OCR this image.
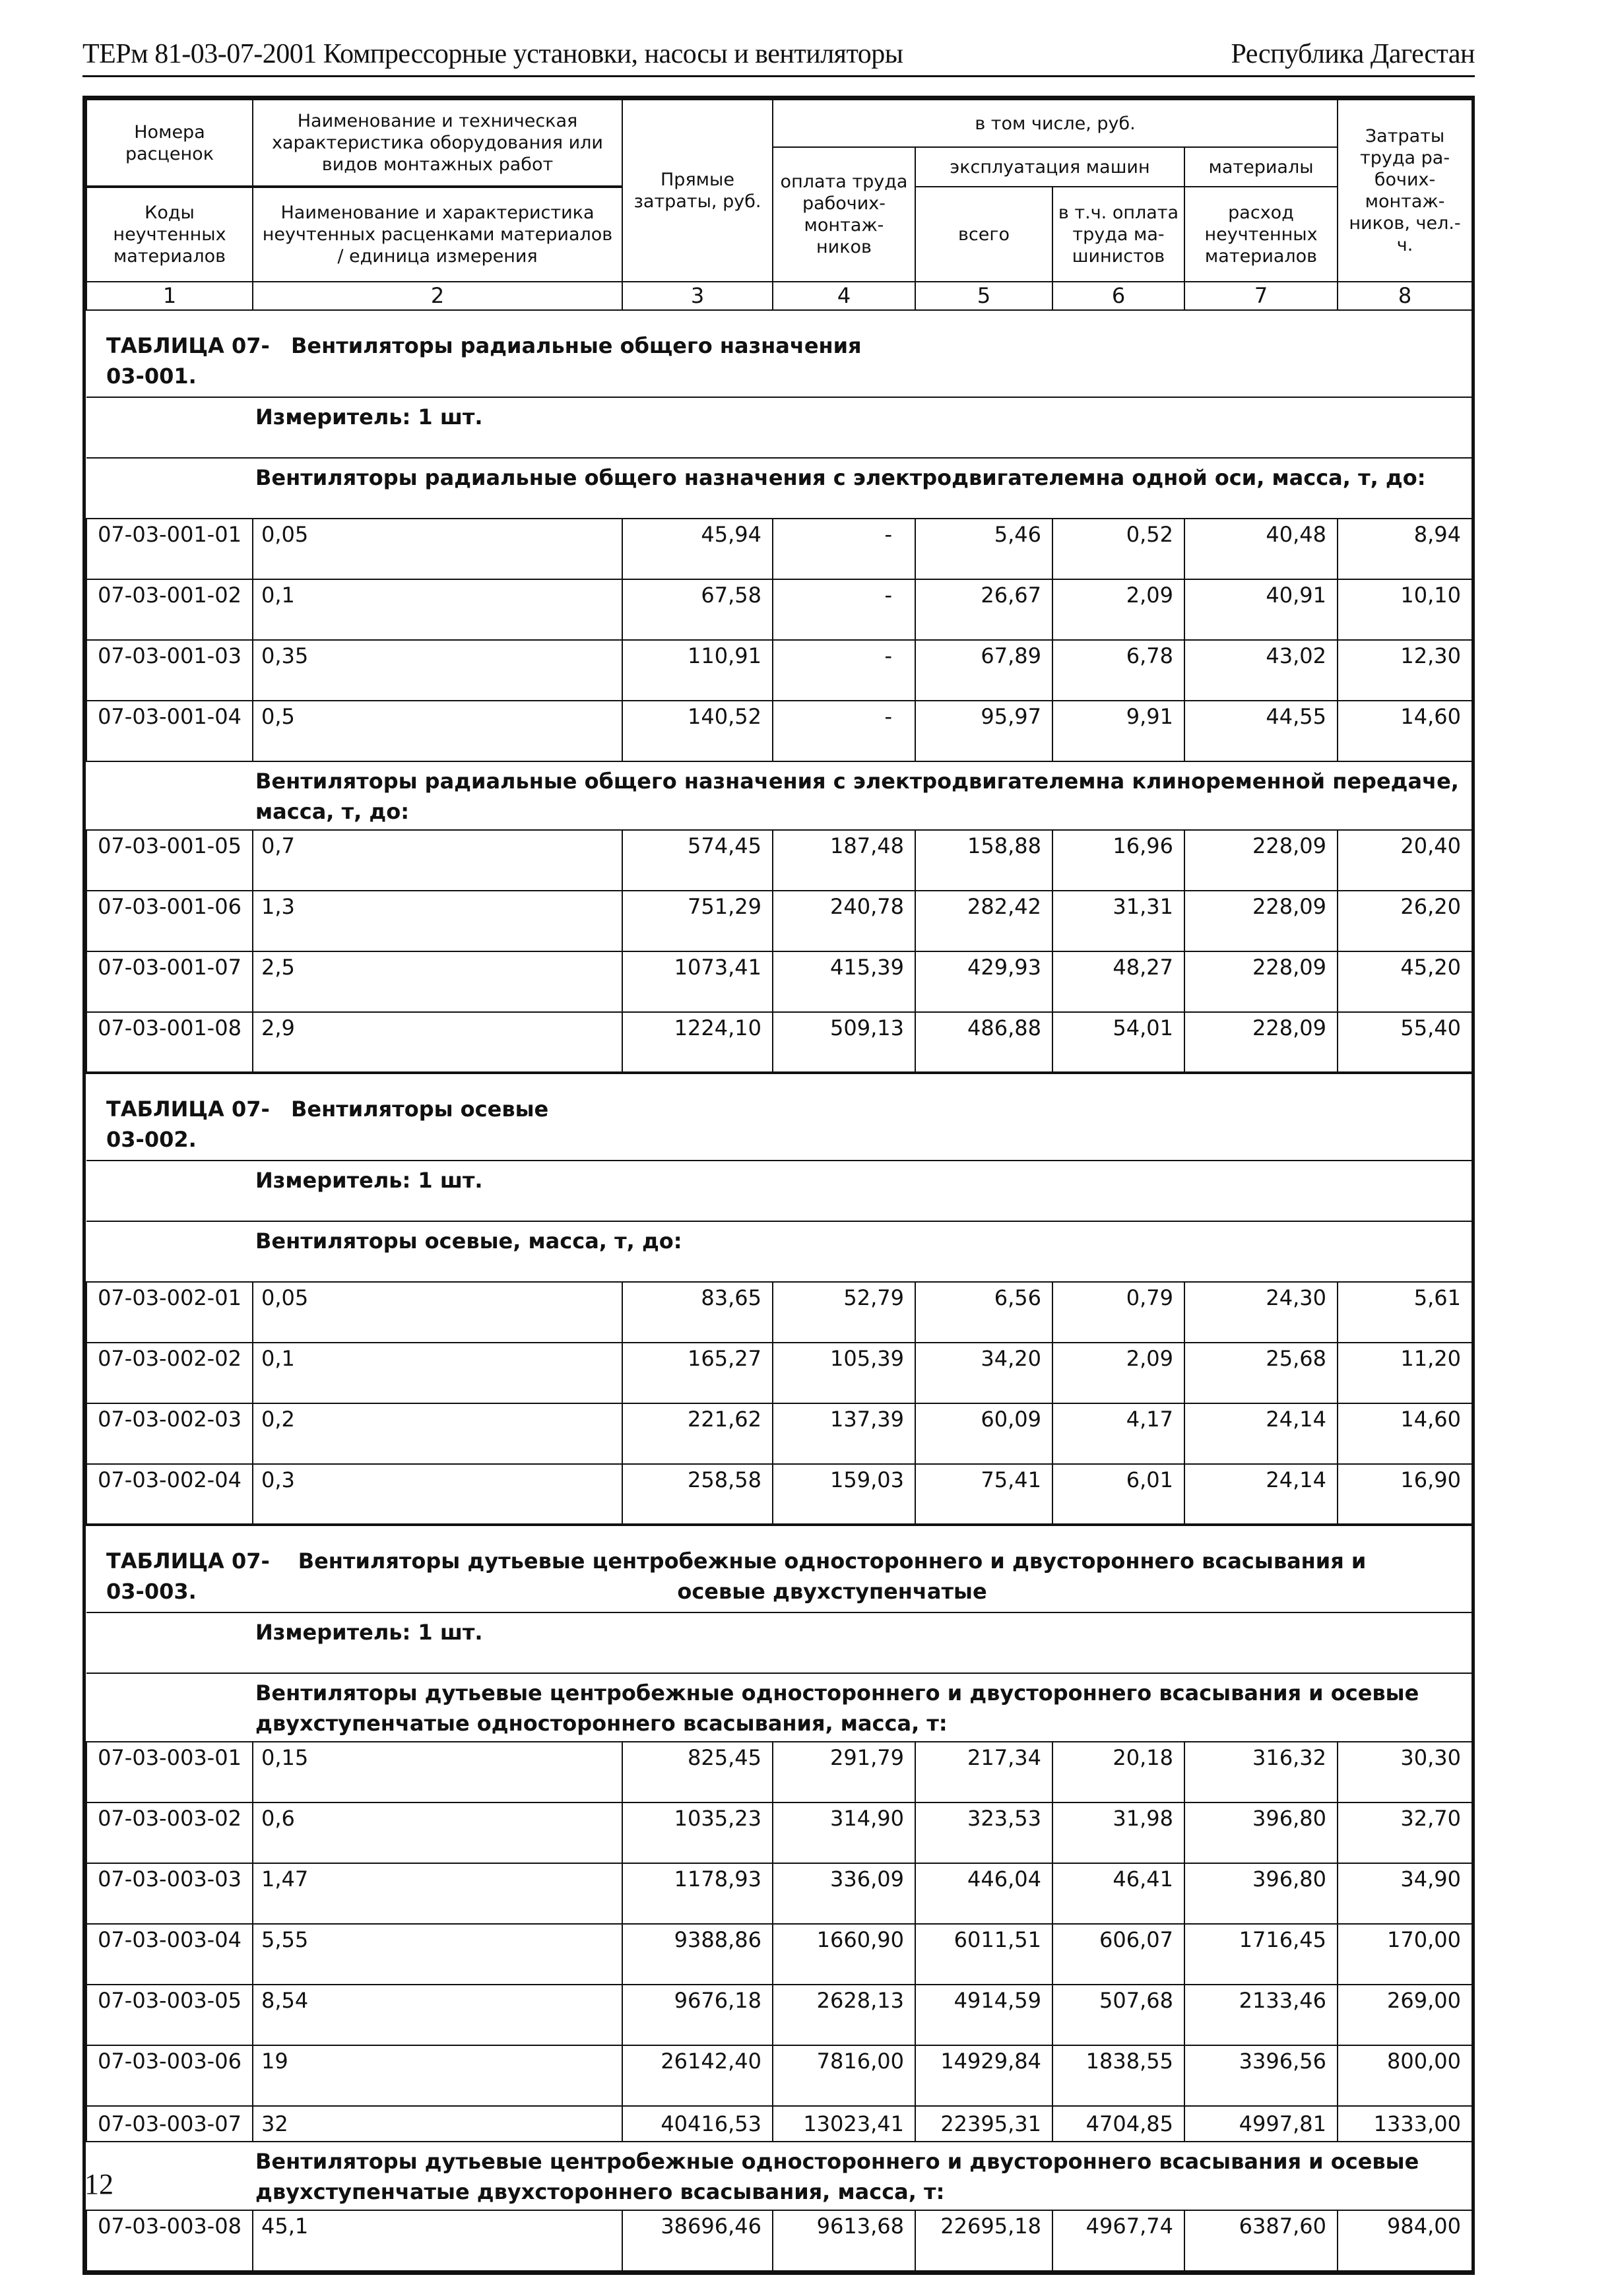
ТЕРм 81-03-07-2001 Компрессорные установки, насосы и вентиляторы	Республика Дагестан
Номера расценок	Наименование и техническая характеристика оборудования или видов монтажных работ	Прямые затраты, руб.	в том числе, руб.				Затраты труда ра-бочих-монтаж-ников, чел.-ч.
			оплата труда рабочих-монтаж-ников	эксплуатация машин		материалы	
Коды неучтенных материалов	Наименование и характеристика неучтенных расценками материалов / единица измерения			всего	в т.ч. оплата труда ма-шинистов	расход неучтенных материалов	

1	2	3	4	5	6	7	8
ТАБЛИЦА 07-03-001.Вентиляторы радиальные общего назначения							
Измеритель: 1 шт.							
Вентиляторы радиальные общего назначения с электродвигателемна одной оси, масса, т, до:							
07-03-001-01	0,05	45,94	-	5,46	0,52	40,48	8,94
07-03-001-02	0,1	67,58	-	26,67	2,09	40,91	10,10
07-03-001-03	0,35	110,91	-	67,89	6,78	43,02	12,30
07-03-001-04	0,5	140,52	-	95,97	9,91	44,55	14,60
Вентиляторы радиальные общего назначения с электродвигателемна клиноременной передаче, масса, т, до:							
07-03-001-05	0,7	574,45	187,48	158,88	16,96	228,09	20,40
07-03-001-06	1,3	751,29	240,78	282,42	31,31	228,09	26,20
07-03-001-07	2,5	1073,41	415,39	429,93	48,27	228,09	45,20
07-03-001-08	2,9	1224,10	509,13	486,88	54,01	228,09	55,40
ТАБЛИЦА 07-03-002.Вентиляторы осевые							
Измеритель: 1 шт.							
Вентиляторы осевые, масса, т, до:							
07-03-002-01	0,05	83,65	52,79	6,56	0,79	24,30	5,61
07-03-002-02	0,1	165,27	105,39	34,20	2,09	25,68	11,20
07-03-002-03	0,2	221,62	137,39	60,09	4,17	24,14	14,60
07-03-002-04	0,3	258,58	159,03	75,41	6,01	24,14	16,90
ТАБЛИЦА 07-03-003.Вентиляторы дутьевые центробежные одностороннего и двустороннего всасывания и осевые двухступенчатые							
Измеритель: 1 шт.							
Вентиляторы дутьевые центробежные одностороннего и двустороннего всасывания и осевые двухступенчатые одностороннего всасывания, масса, т:							
07-03-003-01	0,15	825,45	291,79	217,34	20,18	316,32	30,30
07-03-003-02	0,6	1035,23	314,90	323,53	31,98	396,80	32,70
07-03-003-03	1,47	1178,93	336,09	446,04	46,41	396,80	34,90
07-03-003-04	5,55	9388,86	1660,90	6011,51	606,07	1716,45	170,00
07-03-003-05	8,54	9676,18	2628,13	4914,59	507,68	2133,46	269,00
07-03-003-06	19	26142,40	7816,00	14929,84	1838,55	3396,56	800,00
07-03-003-07	32	40416,53	13023,41	22395,31	4704,85	4997,81	1333,00
Вентиляторы дутьевые центробежные одностороннего и двустороннего всасывания и осевые двухступенчатые двухстороннего всасывания, масса, т:							
07-03-003-08	45,1	38696,46	9613,68	22695,18	4967,74	6387,60	984,00
12
